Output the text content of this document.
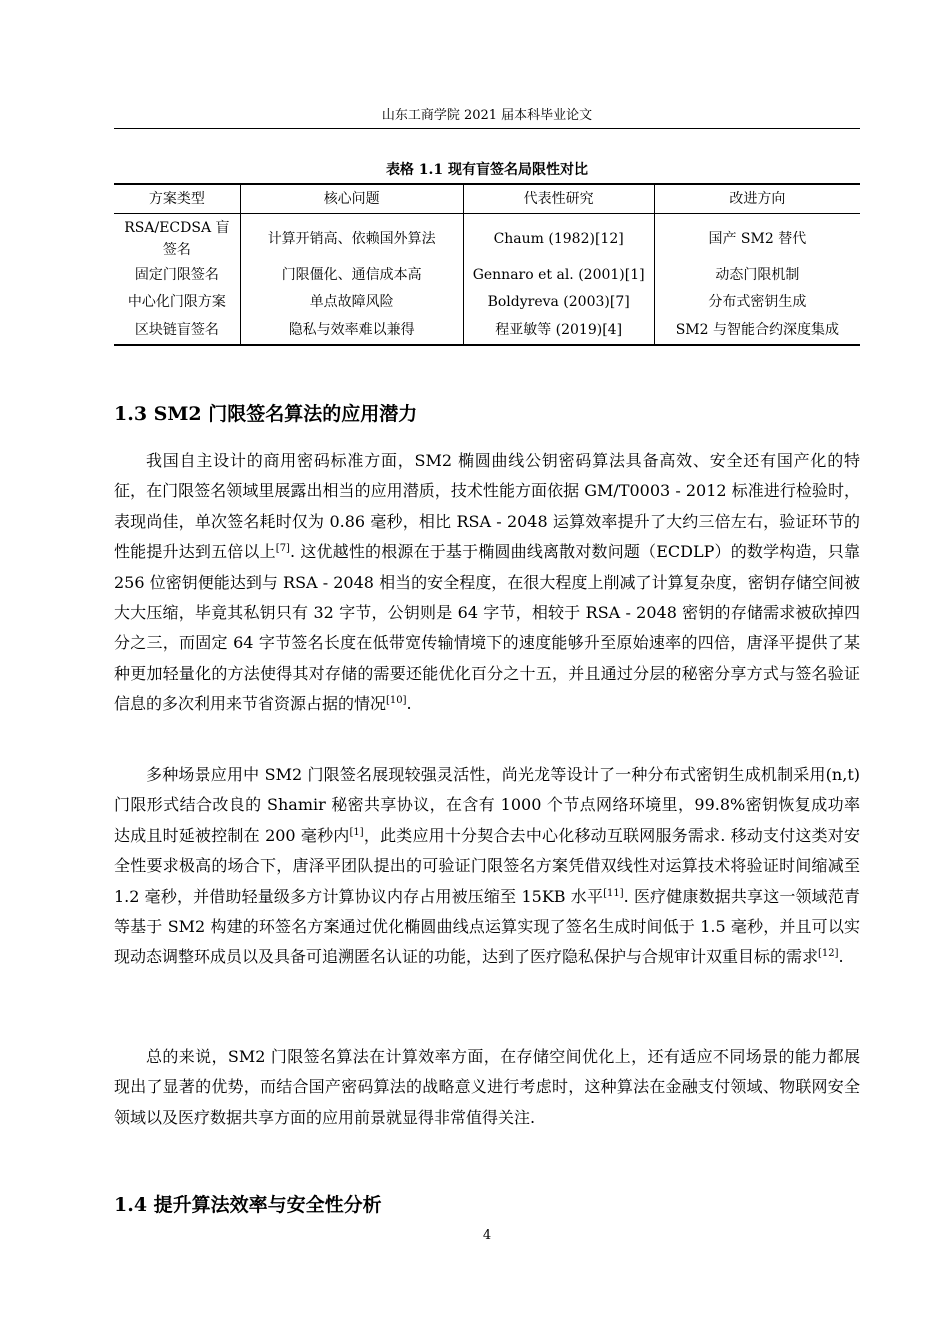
山东工商学院 2021 届本科毕业论文
表格 1.1 现有盲签名局限性对比
方案类型	核心问题	代表性研究	改进方向
RSA/ECDSA 盲签名	计算开销高、依赖国外算法	Chaum (1982)[12]	国产 SM2 替代
固定门限签名	门限僵化、通信成本高	Gennaro et al. (2001)[1]	动态门限机制
中心化门限方案	单点故障风险	Boldyreva (2003)[7]	分布式密钥生成
区块链盲签名	隐私与效率难以兼得	程亚敏等 (2019)[4]	SM2 与智能合约深度集成
1.3 SM2 门限签名算法的应用潜力

我国自主设计的商用密码标准方面，SM2 椭圆曲线公钥密码算法具备高效、安全还有国产化的特征，在门限签名领域里展露出相当的应用潜质，技术性能方面依据 GM/T0003 - 2012 标准进行检验时，表现尚佳，单次签名耗时仅为 0.86 毫秒，相比 RSA - 2048 运算效率提升了大约三倍左右，验证环节的性能提升达到五倍以上[7]. 这优越性的根源在于基于椭圆曲线离散对数问题（ECDLP）的数学构造，只靠 256 位密钥便能达到与 RSA - 2048 相当的安全程度，在很大程度上削减了计算复杂度，密钥存储空间被大大压缩，毕竟其私钥只有 32 字节，公钥则是 64 字节，相较于 RSA - 2048 密钥的存储需求被砍掉四分之三，而固定 64 字节签名长度在低带宽传输情境下的速度能够升至原始速率的四倍，唐泽平提供了某种更加轻量化的方法使得其对存储的需要还能优化百分之十五，并且通过分层的秘密分享方式与签名验证信息的多次利用来节省资源占据的情况[10].

多种场景应用中 SM2 门限签名展现较强灵活性，尚光龙等设计了一种分布式密钥生成机制采用(n,t)门限形式结合改良的 Shamir 秘密共享协议，在含有 1000 个节点网络环境里，99.8%密钥恢复成功率达成且时延被控制在 200 毫秒内[1]，此类应用十分契合去中心化移动互联网服务需求. 移动支付这类对安全性要求极高的场合下，唐泽平团队提出的可验证门限签名方案凭借双线性对运算技术将验证时间缩减至 1.2 毫秒，并借助轻量级多方计算协议内存占用被压缩至 15KB 水平[11]. 医疗健康数据共享这一领域范青等基于 SM2 构建的环签名方案通过优化椭圆曲线点运算实现了签名生成时间低于 1.5 毫秒，并且可以实现动态调整环成员以及具备可追溯匿名认证的功能，达到了医疗隐私保护与合规审计双重目标的需求[12].

总的来说，SM2 门限签名算法在计算效率方面，在存储空间优化上，还有适应不同场景的能力都展现出了显著的优势，而结合国产密码算法的战略意义进行考虑时，这种算法在金融支付领域、物联网安全领域以及医疗数据共享方面的应用前景就显得非常值得关注.

1.4 提升算法效率与安全性分析
4
